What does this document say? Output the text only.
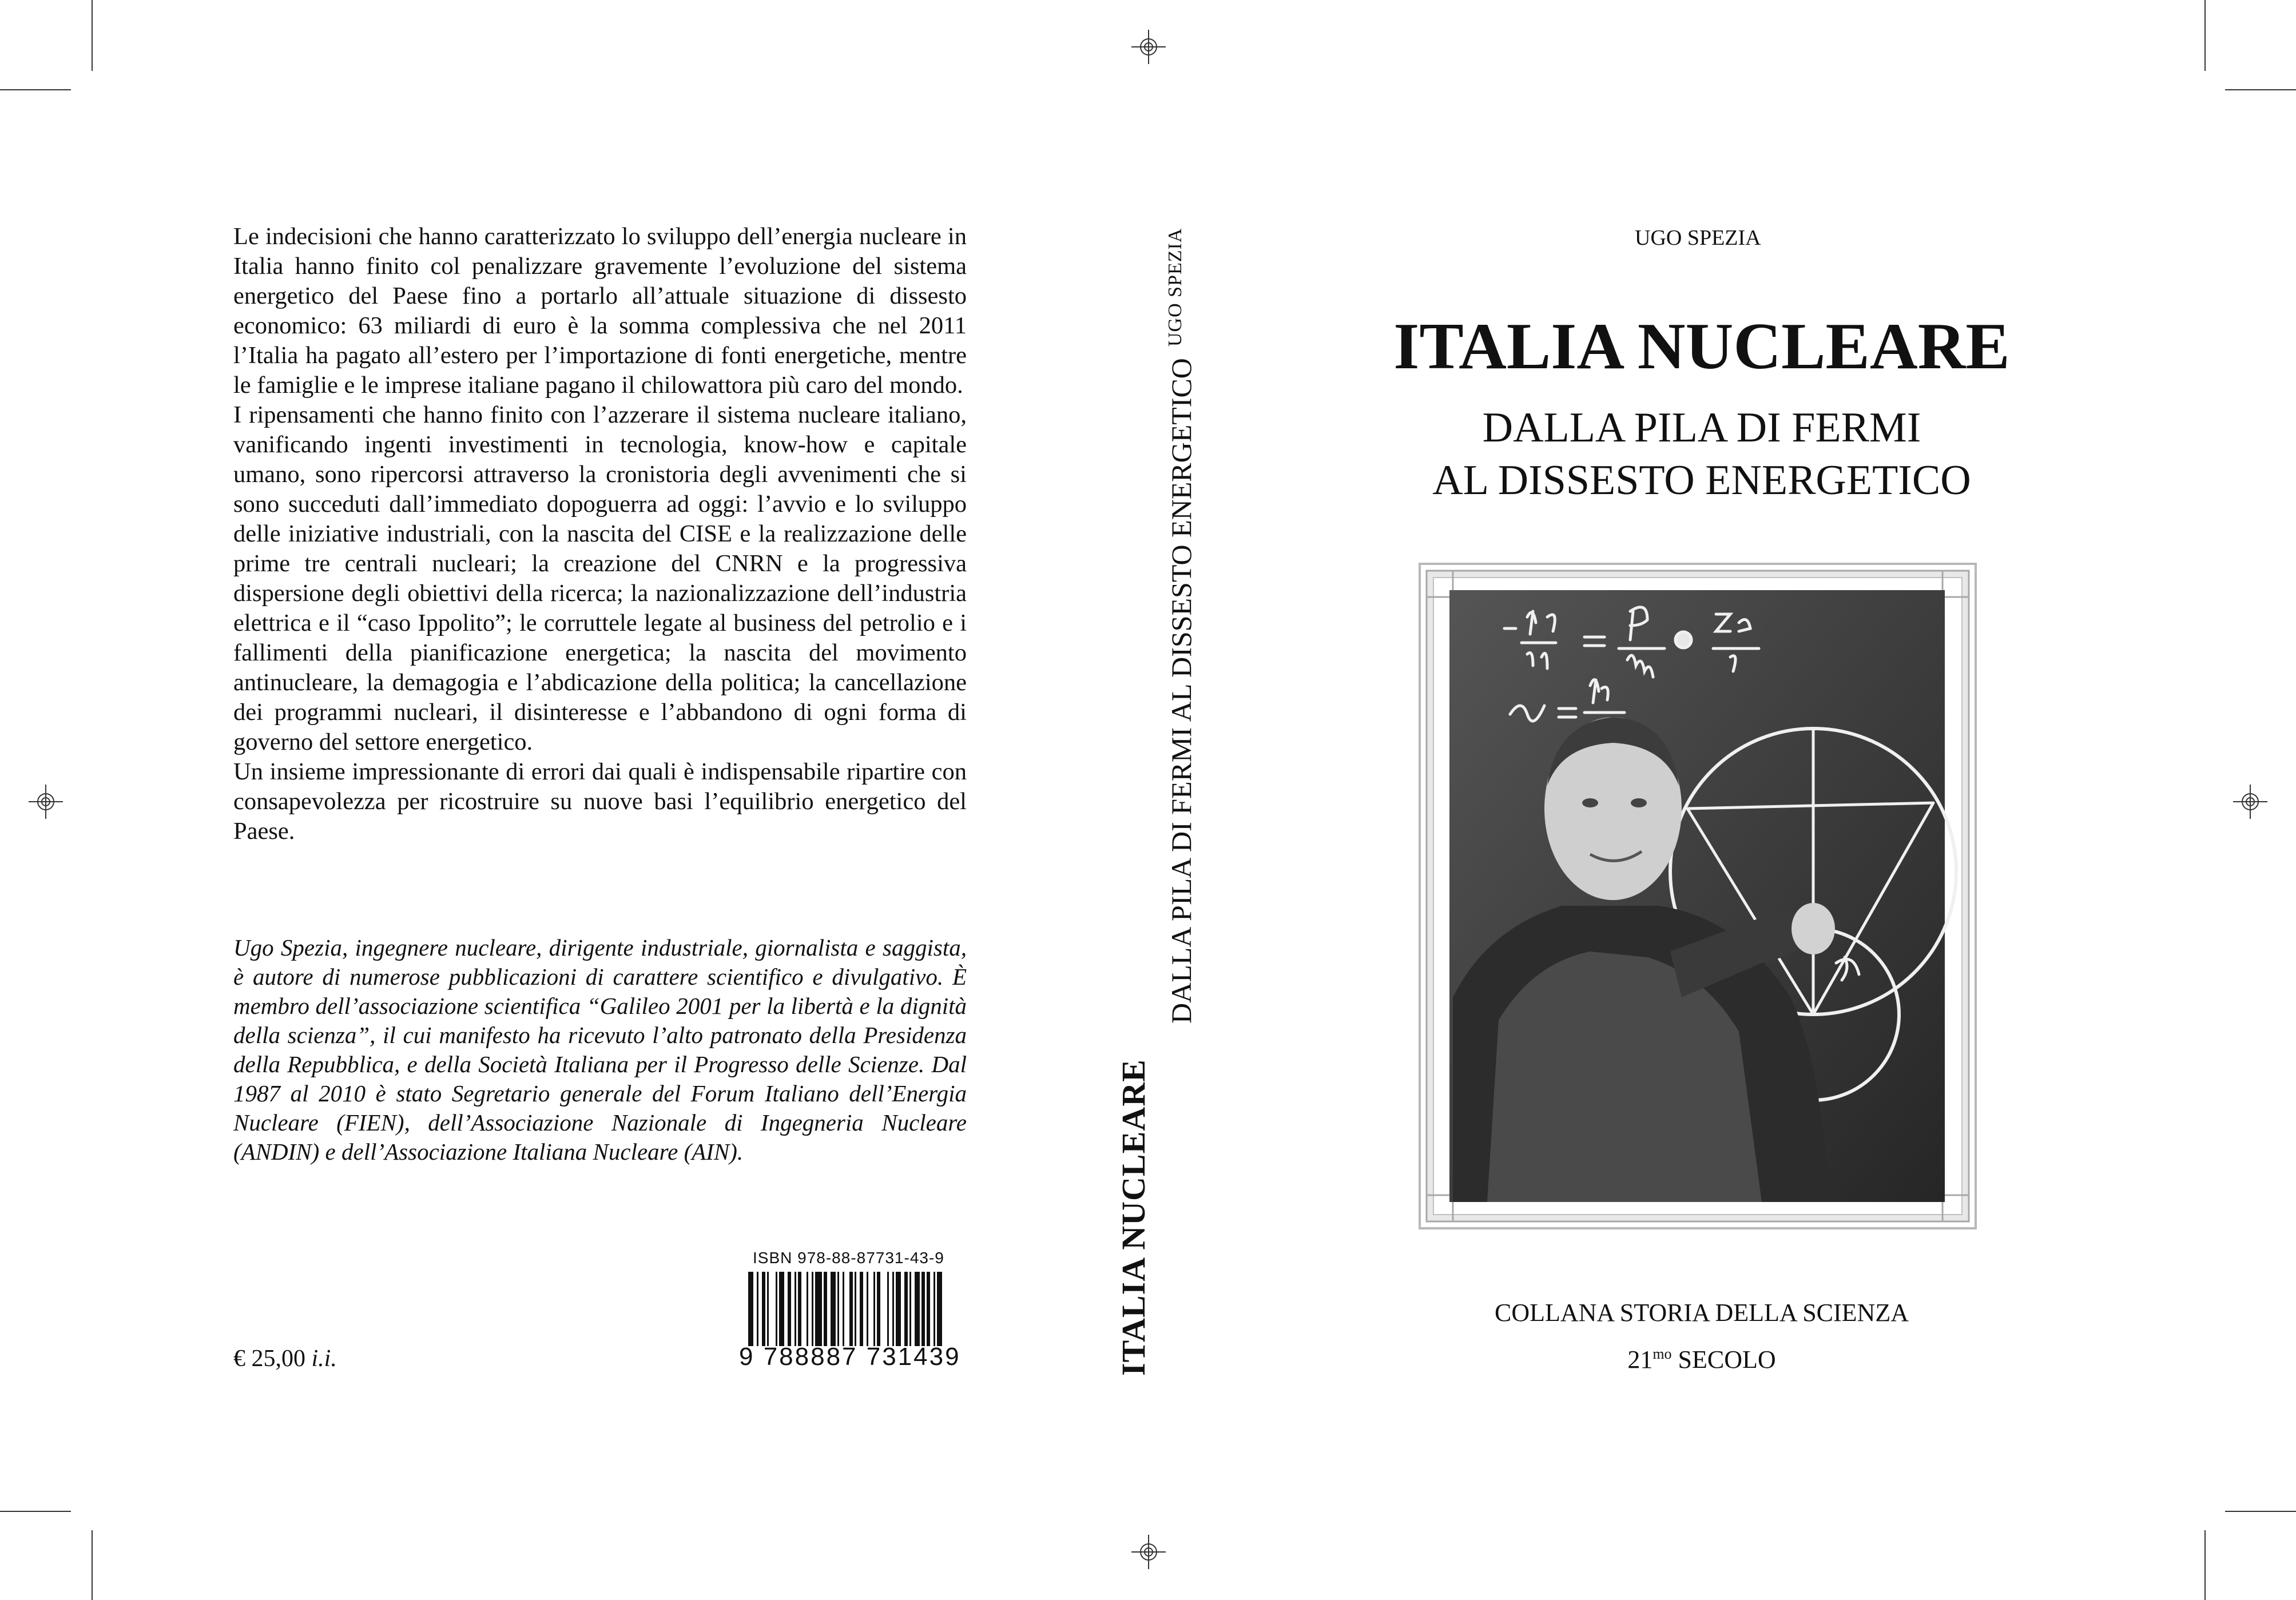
Le indecisioni che hanno caratterizzato lo sviluppo dell’energia nucleare in Italia hanno finito col penalizzare gravemente l’evoluzione del sistema energetico del Paese fino a portarlo all’attuale situazione di dissesto economico: 63 miliardi di euro è la somma complessiva che nel 2011 l’Italia ha pagato all’estero per l’importazione di fonti energetiche, mentre le famiglie e le imprese italiane pagano il chilowattora più caro del mondo.

I ripensamenti che hanno finito con l’azzerare il sistema nucleare italiano, vanificando ingenti investimenti in tecnologia, know-how e capitale umano, sono ripercorsi attraverso la cronistoria degli avvenimenti che si sono succeduti dall’immediato dopoguerra ad oggi: l’avvio e lo sviluppo delle iniziative industriali, con la nascita del CISE e la realizzazione delle prime tre centrali nucleari; la creazione del CNRN e la progressiva dispersione degli obiettivi della ricerca; la nazionalizzazione dell’industria elettrica e il “caso Ippolito”; le corruttele legate al business del petrolio e i fallimenti della pianificazione energetica; la nascita del movimento antinucleare, la demagogia e l’abdicazione della politica; la cancellazione dei programmi nucleari, il disinteresse e l’abbandono di ogni forma di governo del settore energetico.

Un insieme impressionante di errori dai quali è indispensabile ripartire con consapevolezza per ricostruire su nuove basi l’equilibrio energetico del Paese.

Ugo Spezia, ingegnere nucleare, dirigente industriale, giornalista e saggista, è autore di numerose pubblicazioni di carattere scientifico e divulgativo. È membro dell’associazione scientifica “Galileo 2001 per la libertà e la dignità della scienza”, il cui manifesto ha ricevuto l’alto patronato della Presidenza della Repubblica, e della Società Italiana per il Progresso delle Scienze. Dal 1987 al 2010 è stato Segretario generale del Forum Italiano dell’Energia Nucleare (FIEN), dell’Associazione Nazionale di Ingegneria Nucleare (ANDIN) e dell’Associazione Italiana Nucleare (AIN).

ISBN 978-88-87731-43-9
9 788887 731439
€ 25,00 i.i.	ITALIA NUCLEARE
DALLA PILA DI FERMI AL DISSESTO ENERGETICO
UGO SPEZIA	UGO SPEZIA
ITALIA NUCLEARE
DALLA PILA DI FERMI
AL DISSESTO ENERGETICO
COLLANA STORIA DELLA SCIENZA
$21^{mo}$ SECOLO
